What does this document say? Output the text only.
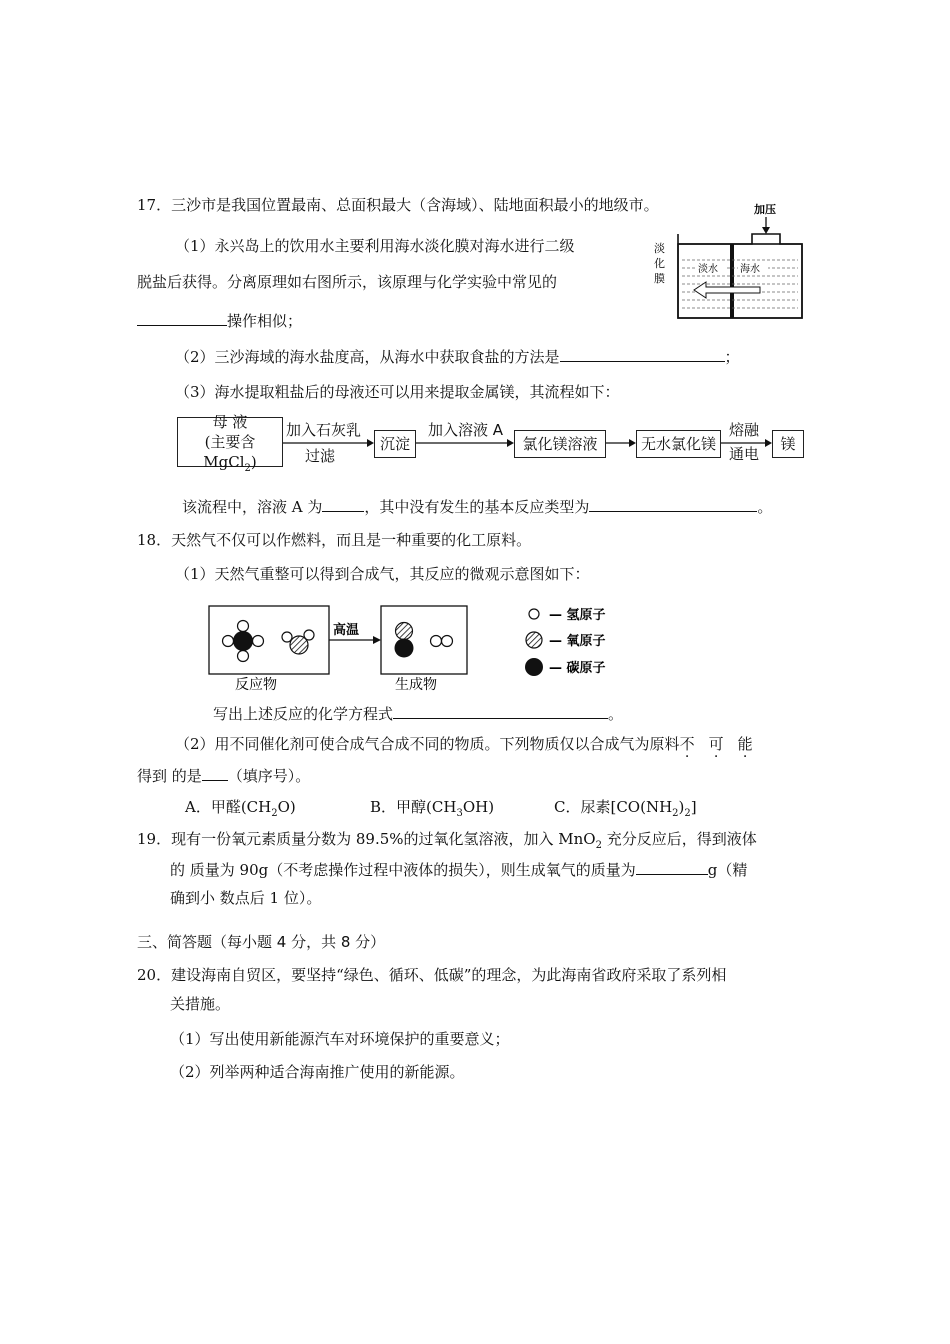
17．三沙市是我国位置最南、总面积最大（含海域）、陆地面积最小的地级市。
（1）永兴岛上的饮用水主要利用海水淡化膜对海水进行二级
脱盐后获得。分离原理如右图所示，该原理与化学实验中常见的
操作相似；
加压
淡水 海水
淡
化
膜
（2）三沙海域的海水盐度高，从海水中获取食盐的方法是	；
（3）海水提取粗盐后的母液还可以用来提取金属镁，其流程如下：
母 液
(主要含 MgCl$_2$)
加入石灰乳
过滤
沉淀
加入溶液 A
氯化镁溶液	无水氯化镁
熔融
通电
镁
该流程中，溶液 A 为	，其中没有发生的基本反应类型为	。
18．天然气不仅可以作燃料，而且是一种重要的化工原料。
（1）天然气重整可以得到合成气，其反应的微观示意图如下：
高温
反应物	生成物
— 氢原子
— 氧原子
— 碳原子
写出上述反应的化学方程式	。
（2）用不同催化剂可使合成气合成不同的物质。下列物质仅以合成气为原料不 可 能
得到 的是 （填序号）。
A．甲醛$(CH_2O)$	B．甲醇$(CH_3OH)$	C．尿素$[CO(NH_2)_2]$
19．现有一份氧元素质量分数为 89.5%的过氧化氢溶液，加入 MnO$_2$ 充分反应后，得到液体
的 质量为 90g（不考虑操作过程中液体的损失），则生成氧气的质量为	g（精
确到小 数点后 1 位）。
三、简答题（每小题 4 分，共 8 分）
20．建设海南自贸区，要坚持“绿色、循环、低碳”的理念，为此海南省政府采取了系列相
关措施。
（1）写出使用新能源汽车对环境保护的重要意义；
（2）列举两种适合海南推广使用的新能源。
